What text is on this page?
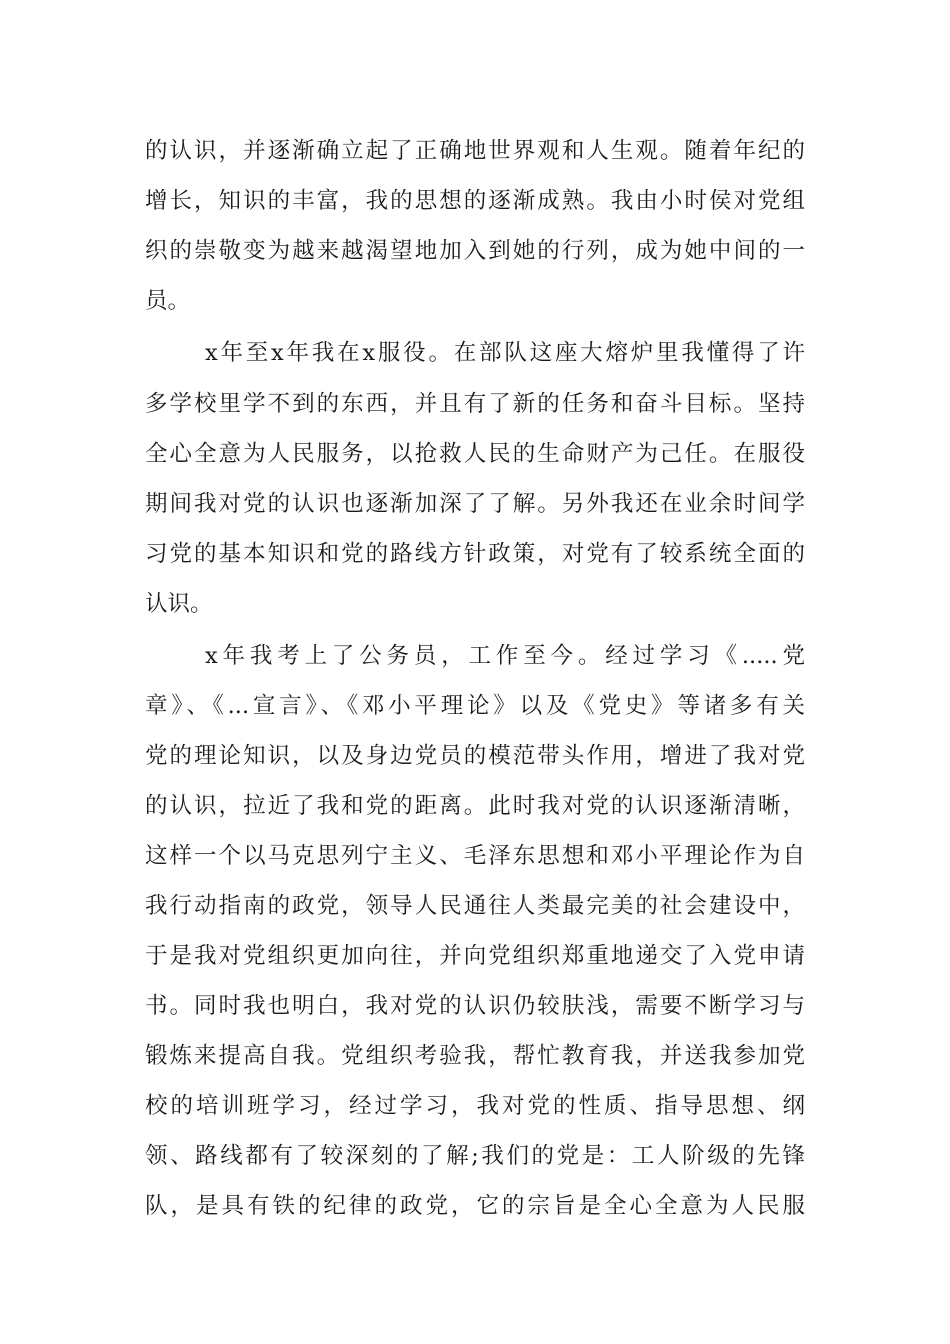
的认识，并逐渐确立起了正确地世界观和人生观。随着年纪的
增长，知识的丰富，我的思想的逐渐成熟。我由小时侯对党组
织的崇敬变为越来越渴望地加入到她的行列，成为她中间的一
员。
x年至x年我在x服役。在部队这座大熔炉里我懂得了许
多学校里学不到的东西，并且有了新的任务和奋斗目标。坚持
全心全意为人民服务，以抢救人民的生命财产为己任。在服役
期间我对党的认识也逐渐加深了了解。另外我还在业余时间学
习党的基本知识和党的路线方针政策，对党有了较系统全面的
认识。
x年我考上了公务员，工作至今。经过学习《.....党
章》、《...宣言》、《邓小平理论》以及《党史》等诸多有关
党的理论知识，以及身边党员的模范带头作用，增进了我对党
的认识，拉近了我和党的距离。此时我对党的认识逐渐清晰，
这样一个以马克思列宁主义、毛泽东思想和邓小平理论作为自
我行动指南的政党，领导人民通往人类最完美的社会建设中，
于是我对党组织更加向往，并向党组织郑重地递交了入党申请
书。同时我也明白，我对党的认识仍较肤浅，需要不断学习与
锻炼来提高自我。党组织考验我，帮忙教育我，并送我参加党
校的培训班学习，经过学习，我对党的性质、指导思想、纲
领、路线都有了较深刻的了解;我们的党是：工人阶级的先锋
队，是具有铁的纪律的政党，它的宗旨是全心全意为人民服
